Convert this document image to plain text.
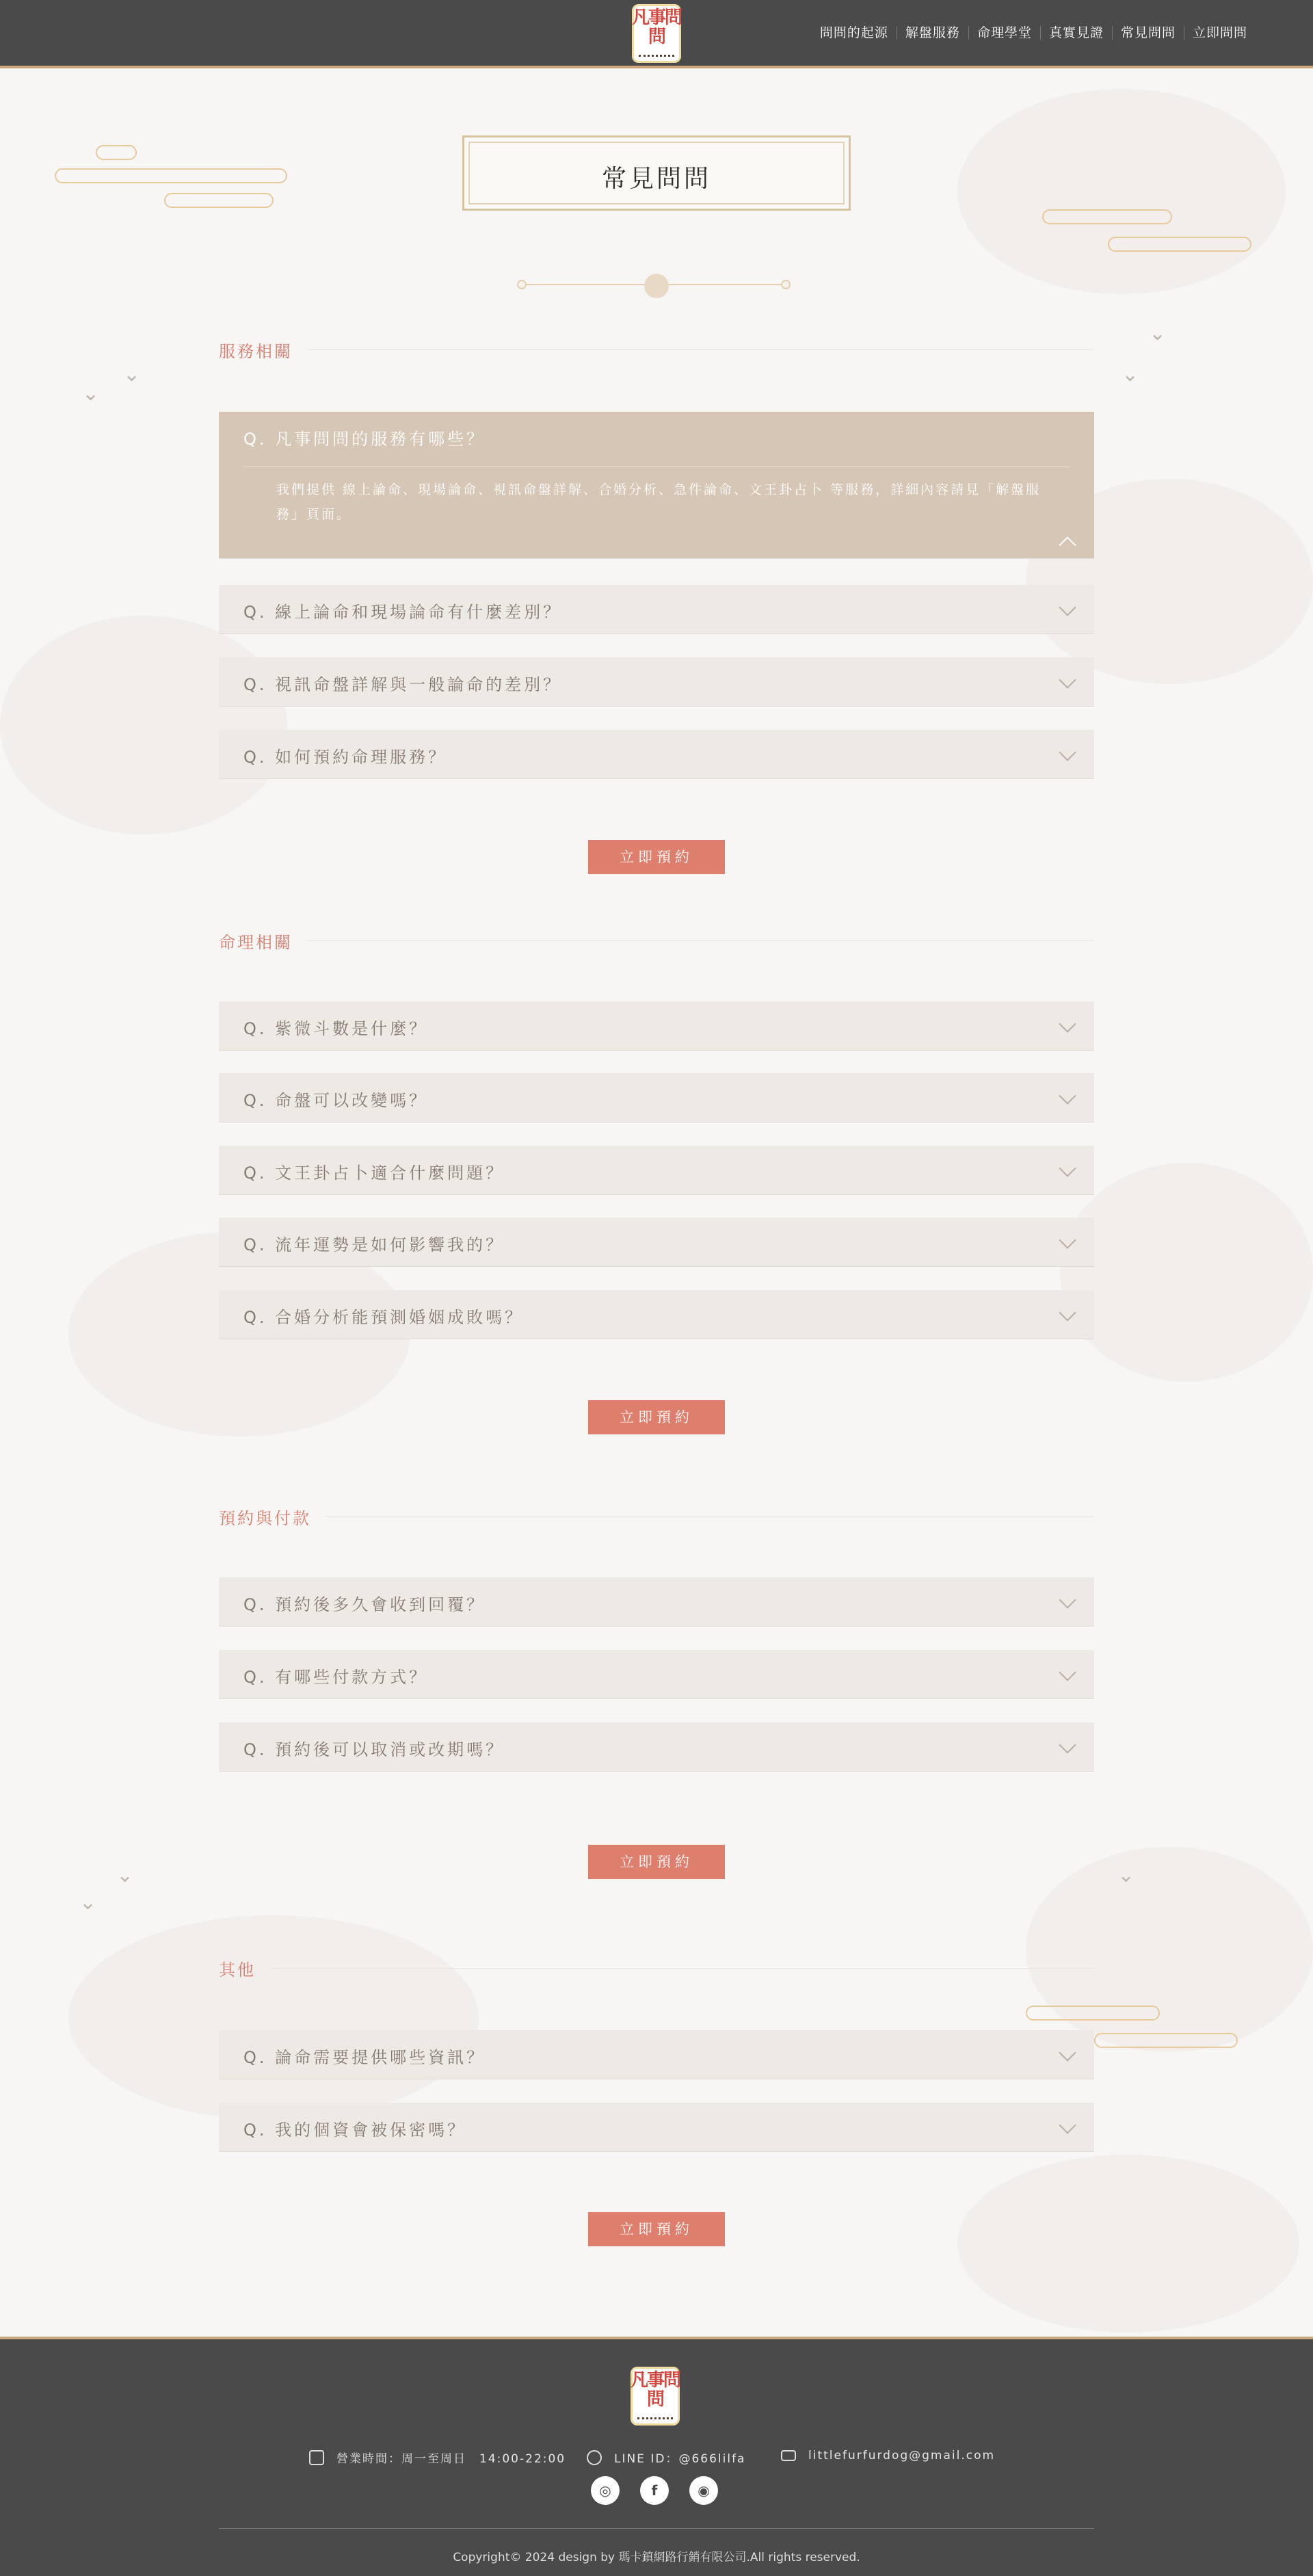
⌄
⌄
⌄	⌄
⌄
⌄
⌄
凡事問問	問問的起源	解盤服務	命理學堂	真實見證	常見問問	立即問問
常見問問
服務相關
Q. 凡事問問的服務有哪些？
我們提供 線上論命、現場論命、視訊命盤詳解、合婚分析、急件論命、文王卦占卜 等服務，詳細內容請見「解盤服務」頁面。
Q. 線上論命和現場論命有什麼差別？
Q. 視訊命盤詳解與一般論命的差別？
Q. 如何預約命理服務？
立即預約
命理相關
Q. 紫微斗數是什麼？
Q. 命盤可以改變嗎？
Q. 文王卦占卜適合什麼問題？
Q. 流年運勢是如何影響我的？
Q. 合婚分析能預測婚姻成敗嗎？
立即預約
預約與付款
Q. 預約後多久會收到回覆？
Q. 有哪些付款方式？
Q. 預約後可以取消或改期嗎？
立即預約
其他
Q. 論命需要提供哪些資訊？
Q. 我的個資會被保密嗎？
立即預約
凡事問問
營業時間：周一至周日　14:00-22:00	LINE ID：@666lilfa	littlefurfurdog@gmail.com
◎	f	◉
Copyright© 2024 design by 瑪卡鎮網路行銷有限公司.All rights reserved.
